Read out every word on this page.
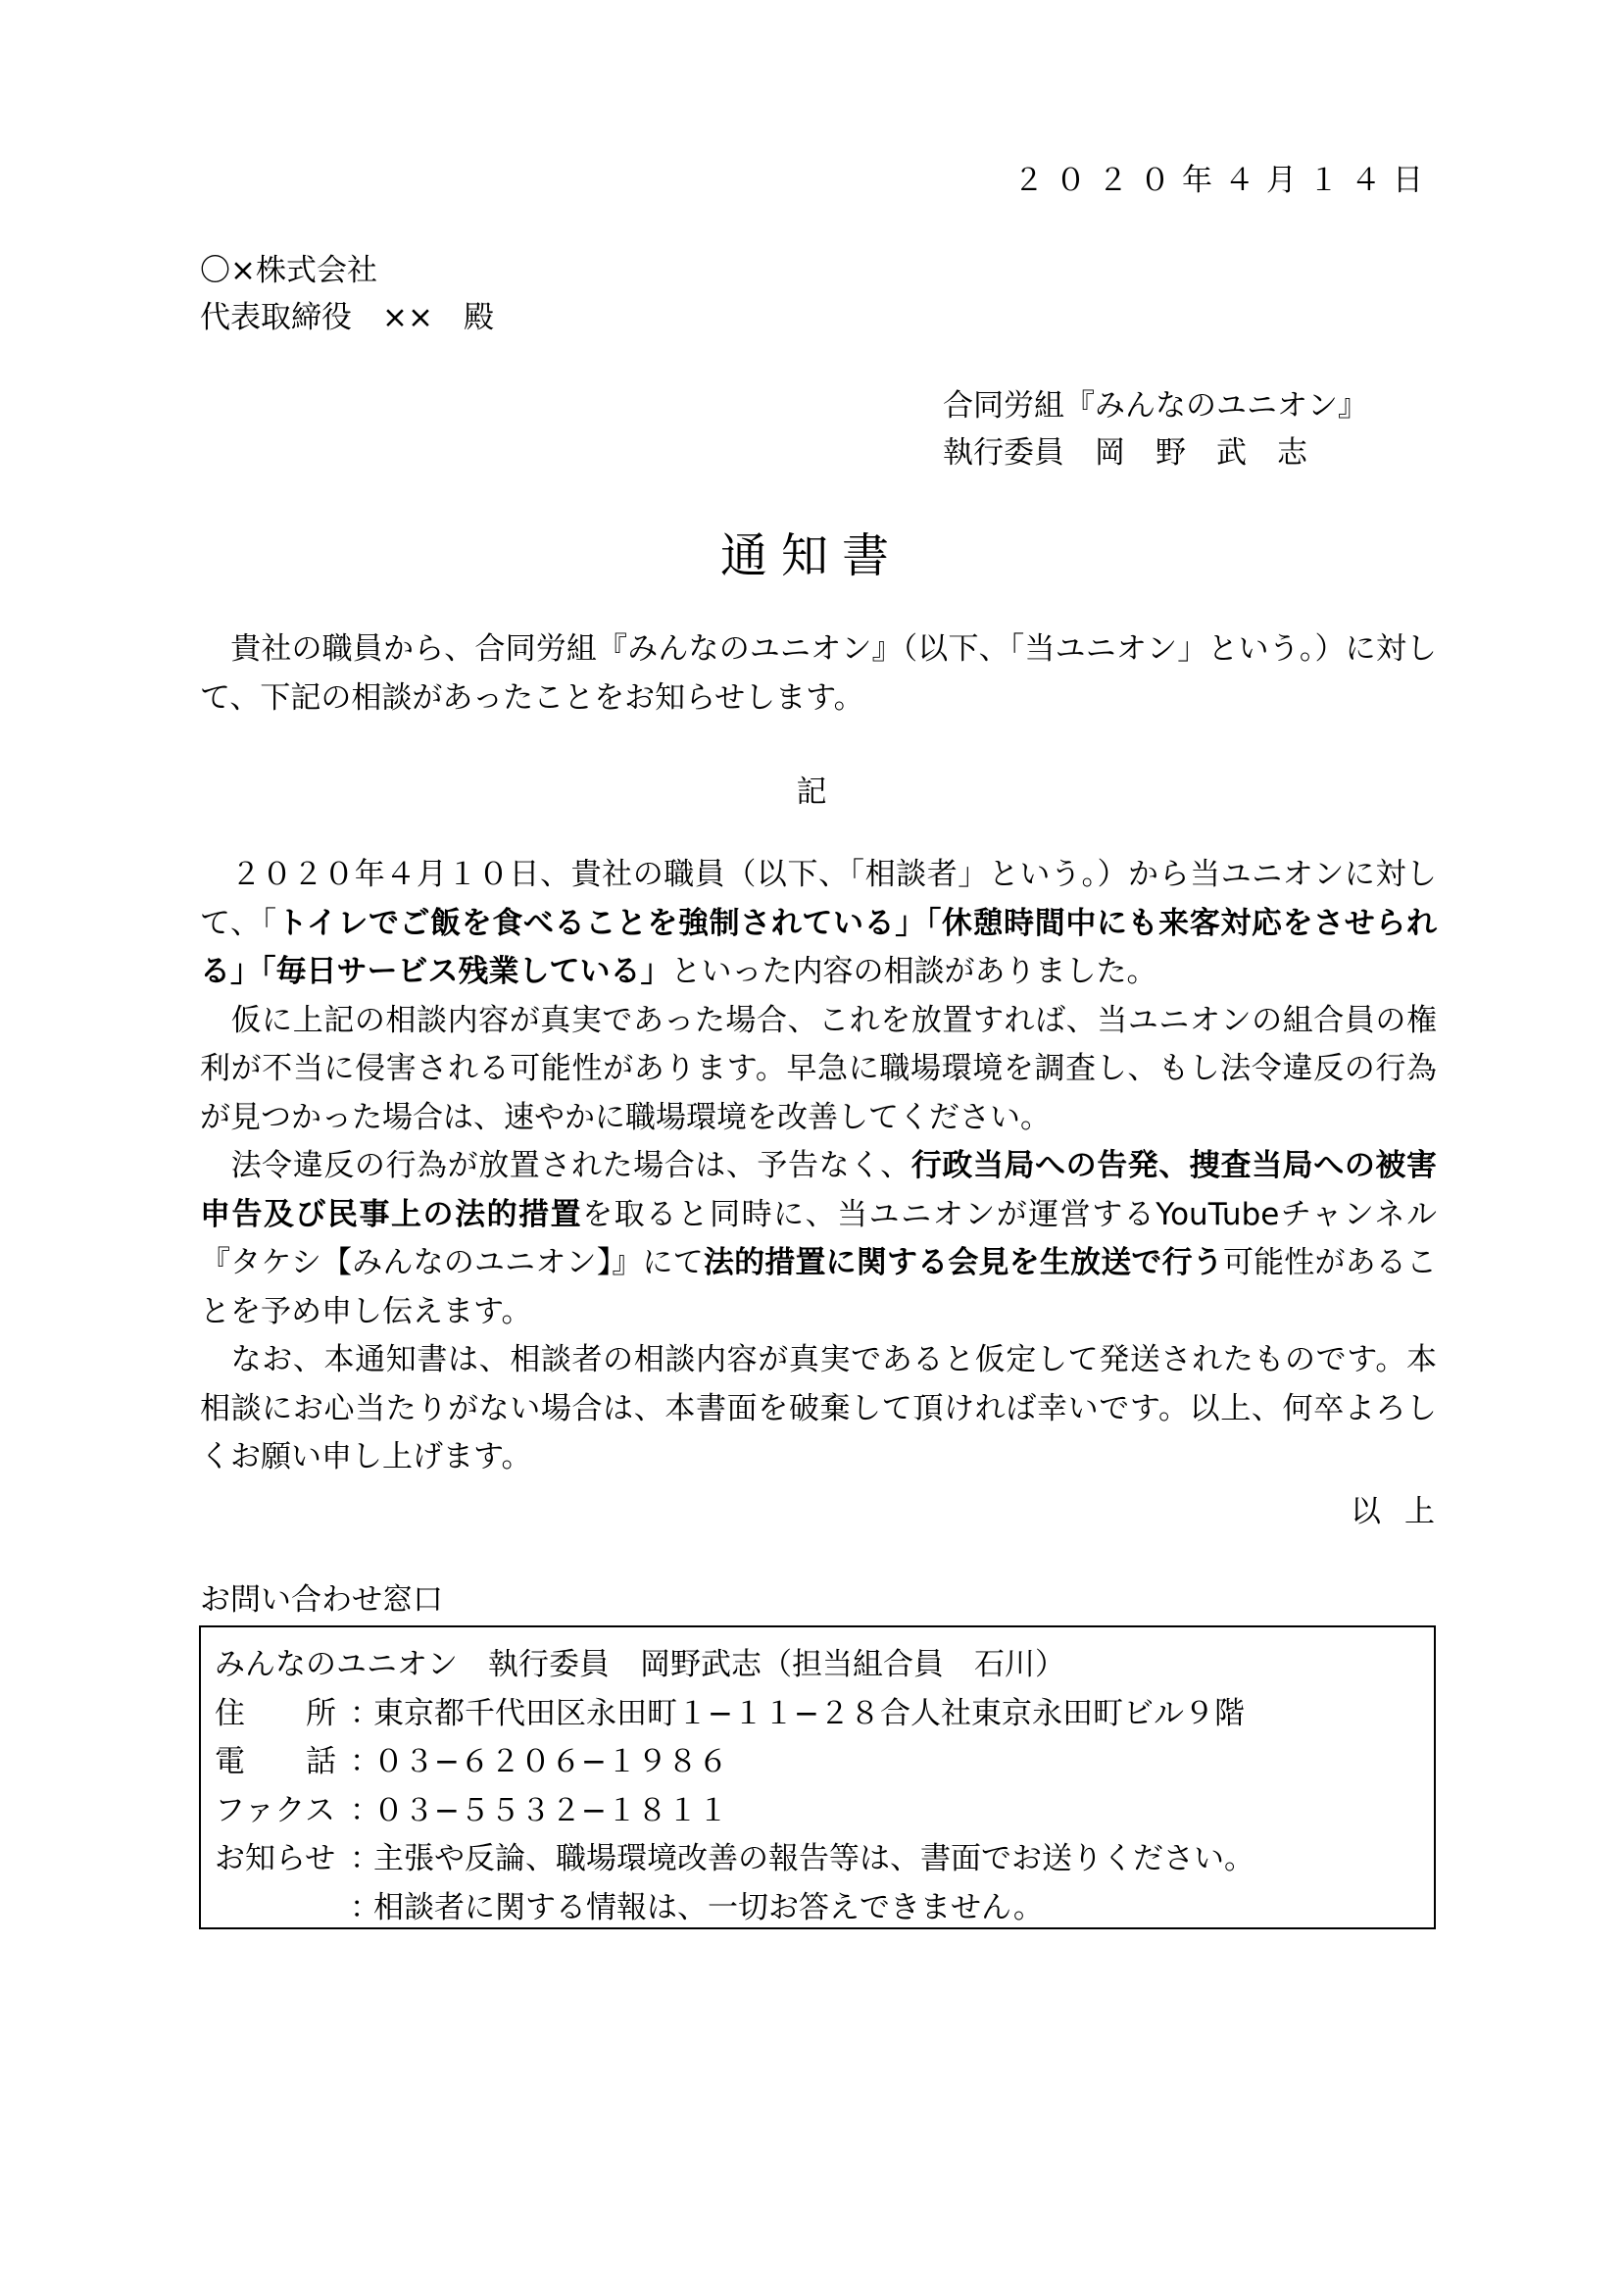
２０２０年４月１４日
〇×株式会社
代表取締役　××　殿
合同労組『みんなのユニオン』
執行委員　岡　野　武　志
通知書
　貴社の職員から、合同労組『みんなのユニオン』（以下、「当ユニオン」という。）に対して、下記の相談があったことをお知らせします。
記
　２０２０年４月１０日、貴社の職員（以下、「相談者」という。）から当ユニオンに対して、「トイレでご飯を食べることを強制されている」「休憩時間中にも来客対応をさせられる」「毎日サービス残業している」といった内容の相談がありました。
　仮に上記の相談内容が真実であった場合、これを放置すれば、当ユニオンの組合員の権利が不当に侵害される可能性があります。早急に職場環境を調査し、もし法令違反の行為が見つかった場合は、速やかに職場環境を改善してください。
　法令違反の行為が放置された場合は、予告なく、行政当局への告発、捜査当局への被害申告及び民事上の法的措置を取ると同時に、当ユニオンが運営するYouTubeチャンネル『タケシ【みんなのユニオン】』にて法的措置に関する会見を生放送で行う可能性があることを予め申し伝えます。
　なお、本通知書は、相談者の相談内容が真実であると仮定して発送されたものです。本相談にお心当たりがない場合は、本書面を破棄して頂ければ幸いです。以上、何卒よろしくお願い申し上げます。
以上
お問い合わせ窓口
みんなのユニオン　執行委員　岡野武志（担当組合員　石川）
住　　所 ：東京都千代田区永田町１−１１−２８合人社東京永田町ビル９階
電　　話 ：０３−６２０６−１９８６
ファクス ：０３−５５３２−１８１１
お知らせ ：主張や反論、職場環境改善の報告等は、書面でお送りください。
：相談者に関する情報は、一切お答えできません。
